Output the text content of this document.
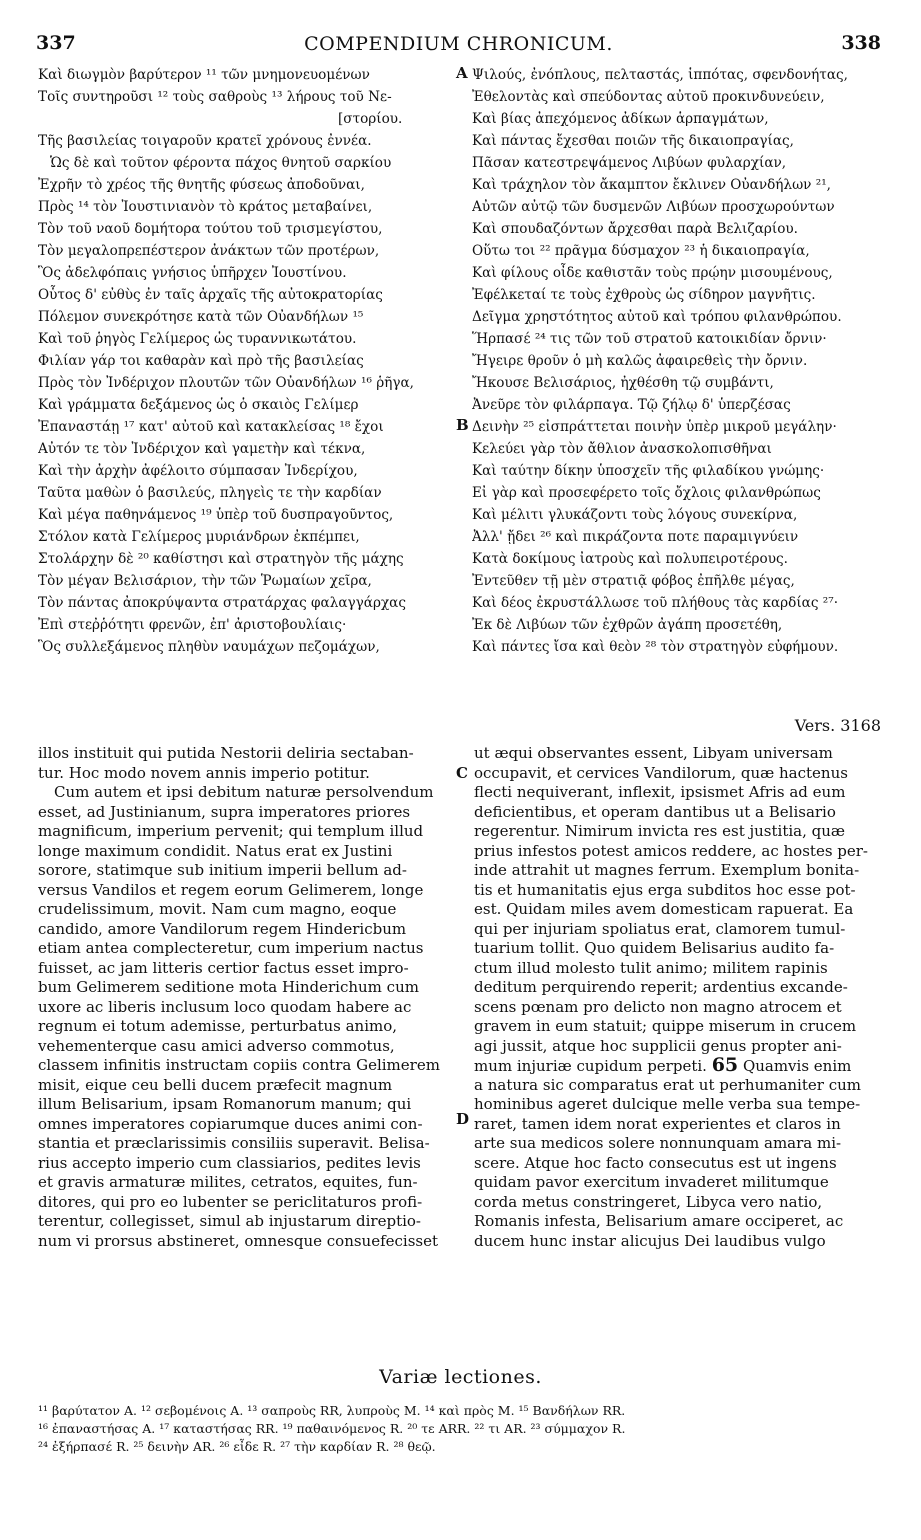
337	COMPENDIUM CHRONICUM.	338
Καὶ διωγμὸν βαρύτερον ¹¹ τῶν μνημονευομένων
Τοῖς συντηροῦσι ¹² τοὺς σαθροὺς ¹³ λήρους τοῦ Νε-
[στορίου.
Τῆς βασιλείας τοιγαροῦν κρατεῖ χρόνους ἐννέα.
Ὡς δὲ καὶ τοῦτον φέροντα πάχος θνητοῦ σαρκίου
Ἐχρῆν τὸ χρέος τῆς θνητῆς φύσεως ἀποδοῦναι,
Πρὸς ¹⁴ τὸν Ἰουστινιανὸν τὸ κράτος μεταβαίνει,
Τὸν τοῦ ναοῦ δομήτορα τούτου τοῦ τρισμεγίστου,
Τὸν μεγαλοπρεπέστερον ἀνάκτων τῶν προτέρων,
Ὃς ἀδελφόπαις γνήσιος ὑπῆρχεν Ἰουστίνου.
Οὗτος δ' εὐθὺς ἐν ταῖς ἀρχαῖς τῆς αὐτοκρατορίας
Πόλεμον συνεκρότησε κατὰ τῶν Οὐανδήλων ¹⁵
Καὶ τοῦ ῥηγὸς Γελίμερος ὡς τυραννικωτάτου.
Φιλίαν γάρ τοι καθαρὰν καὶ πρὸ τῆς βασιλείας
Πρὸς τὸν Ἰνδέριχον πλουτῶν τῶν Οὐανδήλων ¹⁶ ῥῆγα,
Καὶ γράμματα δεξάμενος ὡς ὁ σκαιὸς Γελίμερ
Ἐπαναστάῃ ¹⁷ κατ' αὐτοῦ καὶ κατακλείσας ¹⁸ ἔχοι
Αὐτόν τε τὸν Ἰνδέριχον καὶ γαμετὴν καὶ τέκνα,
Καὶ τὴν ἀρχὴν ἀφέλοιτο σύμπασαν Ἰνδερίχου,
Ταῦτα μαθὼν ὁ βασιλεύς, πληγεὶς τε τὴν καρδίαν
Καὶ μέγα παθηνάμενος ¹⁹ ὑπὲρ τοῦ δυσπραγοῦντος,
Στόλον κατὰ Γελίμερος μυριάνδρων ἐκπέμπει,
Στολάρχην δὲ ²⁰ καθίστησι καὶ στρατηγὸν τῆς μάχης
Τὸν μέγαν Βελισάριον, τὴν τῶν Ῥωμαίων χεῖρα,
Τὸν πάντας ἀποκρύψαντα στρατάρχας φαλαγγάρχας
Ἐπὶ στεῤῥότητι φρενῶν, ἐπ' ἀριστοβουλίαις·
Ὃς συλλεξάμενος πληθὺν ναυμάχων πεζομάχων,
A
B
Ψιλούς, ἐνόπλους, πελταστάς, ἱππότας, σφενδονήτας,
Ἐθελοντὰς καὶ σπεύδοντας αὐτοῦ προκινδυνεύειν,
Καὶ βίας ἀπεχόμενος ἀδίκων ἁρπαγμάτων,
Καὶ πάντας ἔχεσθαι ποιῶν τῆς δικαιοπραγίας,
Πᾶσαν κατεστρεψάμενος Λιβύων φυλαρχίαν,
Καὶ τράχηλον τὸν ἄκαμπτον ἔκλινεν Οὐανδήλων ²¹,
Αὐτῶν αὐτῷ τῶν δυσμενῶν Λιβύων προσχωρούντων
Καὶ σπουδαζόντων ἄρχεσθαι παρὰ Βελιζαρίου.
Οὕτω τοι ²² πρᾶγμα δύσμαχον ²³ ἡ δικαιοπραγία,
Καὶ φίλους οἶδε καθιστᾶν τοὺς πρῴην μισουμένους,
Ἐφέλκεταί τε τοὺς ἐχθροὺς ὡς σίδηρον μαγνῆτις.
Δεῖγμα χρηστότητος αὐτοῦ καὶ τρόπου φιλανθρώπου.
Ἥρπασέ ²⁴ τις τῶν τοῦ στρατοῦ κατοικιδίαν ὄρνιν·
Ἤγειρε θροῦν ὁ μὴ καλῶς ἀφαιρεθεὶς τὴν ὄρνιν.
Ἤκουσε Βελισάριος, ἠχθέσθη τῷ συμβάντι,
Ἀνεῦρε τὸν φιλάρπαγα. Τῷ ζήλῳ δ' ὑπερζέσας
Δεινὴν ²⁵ εἰσπράττεται ποινὴν ὑπὲρ μικροῦ μεγάλην·
Κελεύει γὰρ τὸν ἄθλιον ἀνασκολοπισθῆναι
Καὶ ταύτην δίκην ὑποσχεῖν τῆς φιλαδίκου γνώμης·
Εἰ γὰρ καὶ προσεφέρετο τοῖς ὄχλοις φιλανθρώπως
Καὶ μέλιτι γλυκάζοντι τοὺς λόγους συνεκίρνα,
Ἀλλ' ᾔδει ²⁶ καὶ πικράζοντα ποτε παραμιγνύειν
Κατὰ δοκίμους ἰατροὺς καὶ πολυπειροτέρους.
Ἐντεῦθεν τῇ μὲν στρατιᾷ φόβος ἐπῆλθε μέγας,
Καὶ δέος ἐκρυστάλλωσε τοῦ πλήθους τὰς καρδίας ²⁷·
Ἐκ δὲ Λιβύων τῶν ἐχθρῶν ἀγάπη προσετέθη,
Καὶ πάντες ἴσα καὶ θεὸν ²⁸ τὸν στρατηγὸν εὐφήμουν.
Vers. 3168
illos instituit qui putida Nestorii deliria sectaban-
tur. Hoc modo novem annis imperio potitur.
Cum autem et ipsi debitum naturæ persolvendum
esset, ad Justinianum, supra imperatores priores
magnificum, imperium pervenit; qui templum illud
longe maximum condidit. Natus erat ex Justini
sorore, statimque sub initium imperii bellum ad-
versus Vandilos et regem eorum Gelimerem, longe
crudelissimum, movit. Nam cum magno, eoque
candido, amore Vandilorum regem Hindericbum
etiam antea complecteretur, cum imperium nactus
fuisset, ac jam litteris certior factus esset impro-
bum Gelimerem seditione mota Hinderichum cum
uxore ac liberis inclusum loco quodam habere ac
regnum ei totum ademisse, perturbatus animo,
vehementerque casu amici adverso commotus,
classem infinitis instructam copiis contra Gelimerem
misit, eique ceu belli ducem præfecit magnum
illum Belisarium, ipsam Romanorum manum; qui
omnes imperatores copiarumque duces animi con-
stantia et præclarissimis consiliis superavit. Belisa-
rius accepto imperio cum classiarios, pedites levis
et gravis armaturæ milites, cetratos, equites, fun-
ditores, qui pro eo lubenter se periclitaturos profi-
terentur, collegisset, simul ab injustarum direptio-
num vi prorsus abstineret, omnesque consuefecisset
C
D
ut æqui observantes essent, Libyam universam
occupavit, et cervices Vandilorum, quæ hactenus
flecti nequiverant, inflexit, ipsismet Afris ad eum
deficientibus, et operam dantibus ut a Belisario
regerentur. Nimirum invicta res est justitia, quæ
prius infestos potest amicos reddere, ac hostes per-
inde attrahit ut magnes ferrum. Exemplum bonita-
tis et humanitatis ejus erga subditos hoc esse pot-
est. Quidam miles avem domesticam rapuerat. Ea
qui per injuriam spoliatus erat, clamorem tumul-
tuarium tollit. Quo quidem Belisarius audito fa-
ctum illud molesto tulit animo; militem rapinis
deditum perquirendo reperit; ardentius excande-
scens pœnam pro delicto non magno atrocem et
gravem in eum statuit; quippe miserum in crucem
agi jussit, atque hoc supplicii genus propter ani-
mum injuriæ cupidum perpeti. 65 Quamvis enim
a natura sic comparatus erat ut perhumaniter cum
hominibus ageret dulcique melle verba sua tempe-
raret, tamen idem norat experientes et claros in
arte sua medicos solere nonnunquam amara mi-
scere. Atque hoc facto consecutus est ut ingens
quidam pavor exercitum invaderet militumque
corda metus constringeret, Libyca vero natio,
Romanis infesta, Belisarium amare occiperet, ac
ducem hunc instar alicujus Dei laudibus vulgo
Variæ lectiones.
¹¹ βαρύτατον A. ¹² σεβομένοις A. ¹³ σαπροὺς RR, λυπροὺς M. ¹⁴ καὶ πρὸς M. ¹⁵ Βανδήλων RR.
¹⁶ ἐπαναστήσας A. ¹⁷ καταστήσας RR. ¹⁹ παθαινόμενος R. ²⁰ τε ARR. ²² τι AR. ²³ σύμμαχον R.
²⁴ ἐξήρπασέ R. ²⁵ δεινὴν AR. ²⁶ εἶδε R. ²⁷ τὴν καρδίαν R. ²⁸ θεῷ.
